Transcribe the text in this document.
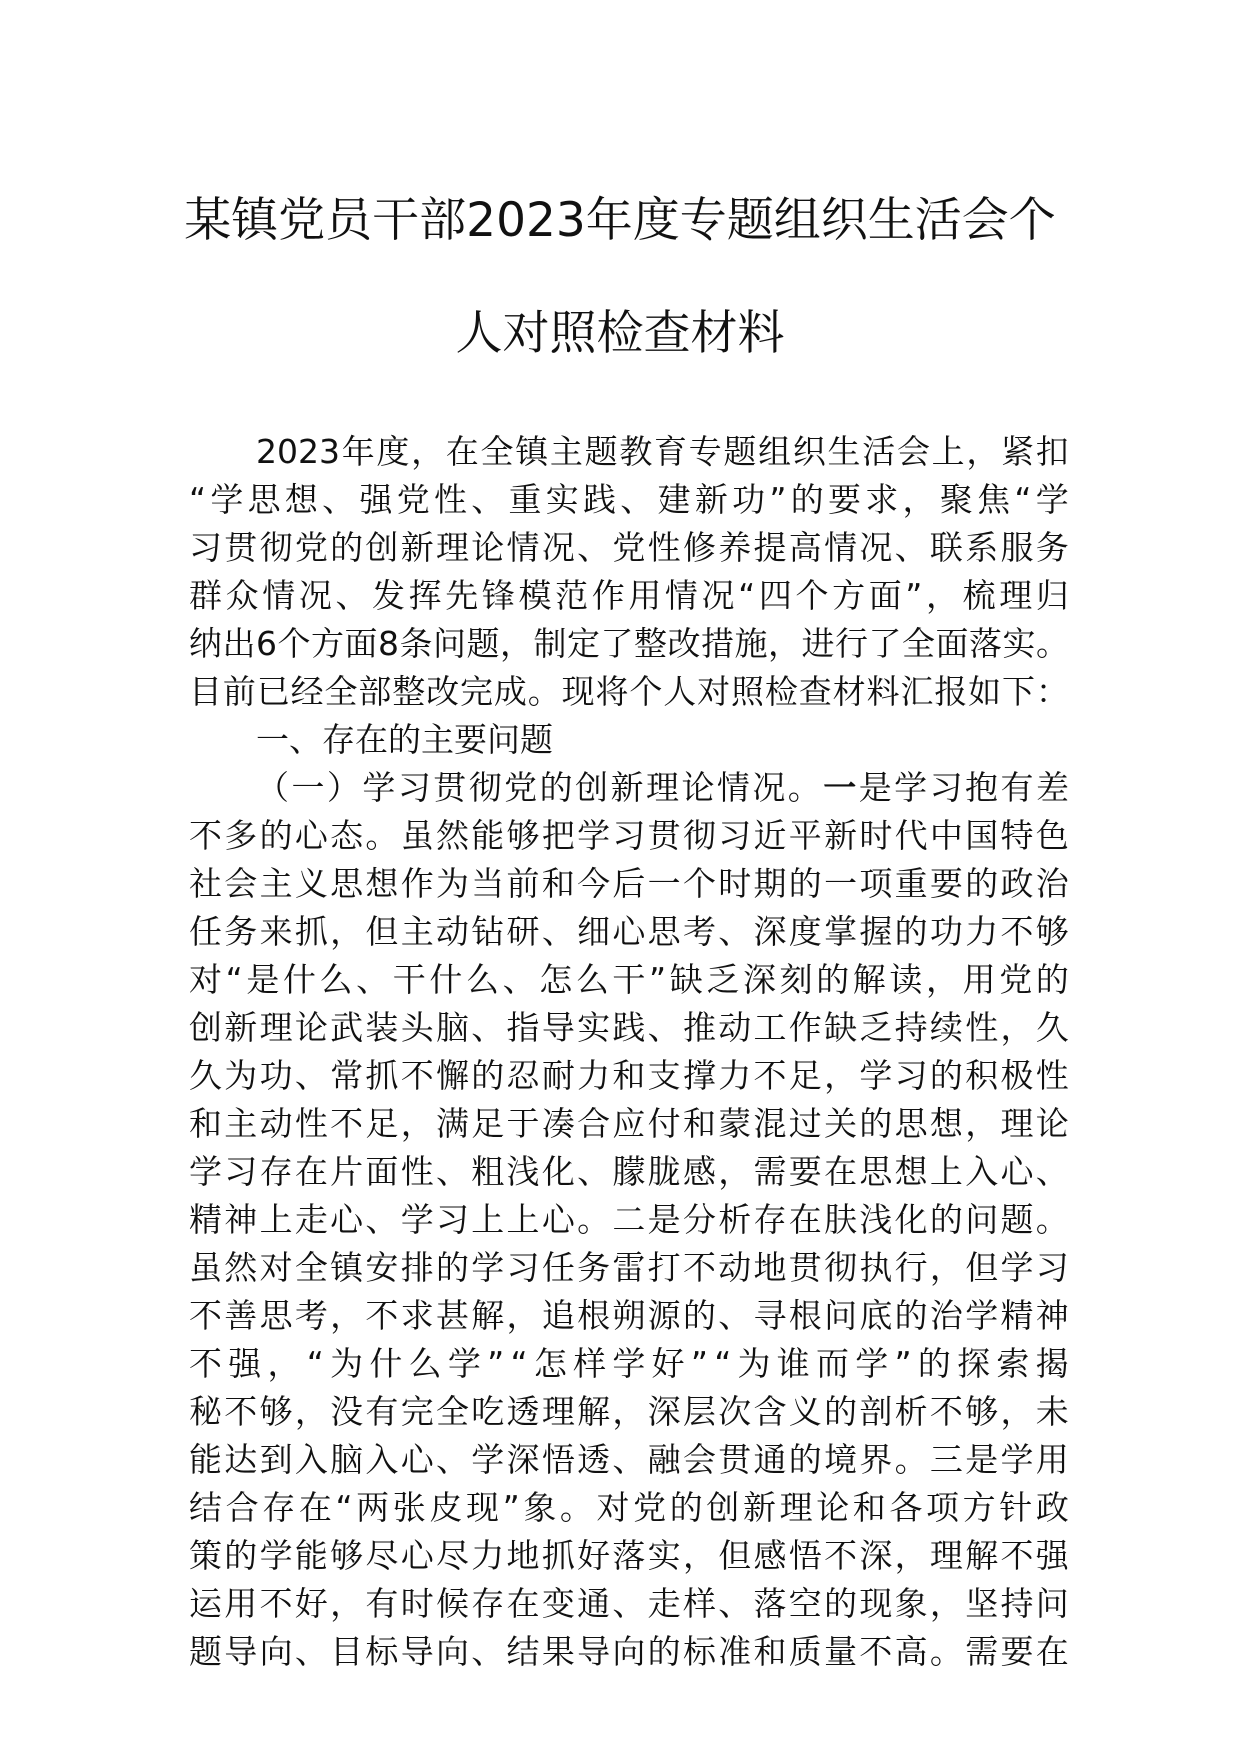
某镇党员干部2023年度专题组织生活会个
人对照检查材料
2023 年 度 ， 在 全 镇 主 题 教 育 专 题 组 织 生 活 会 上 ， 紧 扣
“ 学 思 想 、 强 党 性 、 重 实 践 、 建 新 功 ” 的 要 求 ， 聚 焦 “ 学
习 贯 彻 党 的 创 新 理 论 情 况 、 党 性 修 养 提 高 情 况 、 联 系 服 务
群 众 情 况 、 发 挥 先 锋 模 范 作 用 情 况 “ 四 个 方 面 ” ， 梳 理 归
纳 出 6 个 方 面 8 条 问 题 ， 制 定 了 整 改 措 施 ， 进 行 了 全 面 落 实 。
目 前 已 经 全 部 整 改 完 成 。 现 将 个 人 对 照 检 查 材 料 汇 报 如 下 ：
一、存在的主要问题
（ 一 ） 学 习 贯 彻 党 的 创 新 理 论 情 况 。 一 是 学 习 抱 有 差
不 多 的 心 态 。 虽 然 能 够 把 学 习 贯 彻 习 近 平 新 时 代 中 国 特 色
社 会 主 义 思 想 作 为 当 前 和 今 后 一 个 时 期 的 一 项 重 要 的 政 治
任 务 来 抓 ， 但 主 动 钻 研 、 细 心 思 考 、 深 度 掌 握 的 功 力 不 够
对 “ 是 什 么 、 干 什 么 、 怎 么 干 ” 缺 乏 深 刻 的 解 读 ， 用 党 的
创 新 理 论 武 装 头 脑 、 指 导 实 践 、 推 动 工 作 缺 乏 持 续 性 ， 久
久 为 功 、 常 抓 不 懈 的 忍 耐 力 和 支 撑 力 不 足 ， 学 习 的 积 极 性
和 主 动 性 不 足 ， 满 足 于 凑 合 应 付 和 蒙 混 过 关 的 思 想 ， 理 论
学 习 存 在 片 面 性 、 粗 浅 化 、 朦 胧 感 ， 需 要 在 思 想 上 入 心 、
精 神 上 走 心 、 学 习 上 上 心 。 二 是 分 析 存 在 肤 浅 化 的 问 题 。
虽 然 对 全 镇 安 排 的 学 习 任 务 雷 打 不 动 地 贯 彻 执 行 ， 但 学 习
不 善 思 考 ， 不 求 甚 解 ， 追 根 朔 源 的 、 寻 根 问 底 的 治 学 精 神
不 强 ， “ 为 什 么 学 ” “ 怎 样 学 好 ” “ 为 谁 而 学 ” 的 探 索 揭
秘 不 够 ， 没 有 完 全 吃 透 理 解 ， 深 层 次 含 义 的 剖 析 不 够 ， 未
能 达 到 入 脑 入 心 、 学 深 悟 透 、 融 会 贯 通 的 境 界 。 三 是 学 用
结 合 存 在 “ 两 张 皮 现 ” 象 。 对 党 的 创 新 理 论 和 各 项 方 针 政
策 的 学 能 够 尽 心 尽 力 地 抓 好 落 实 ， 但 感 悟 不 深 ， 理 解 不 强
运 用 不 好 ， 有 时 候 存 在 变 通 、 走 样 、 落 空 的 现 象 ， 坚 持 问
题 导 向 、 目 标 导 向 、 结 果 导 向 的 标 准 和 质 量 不 高 。 需 要 在
